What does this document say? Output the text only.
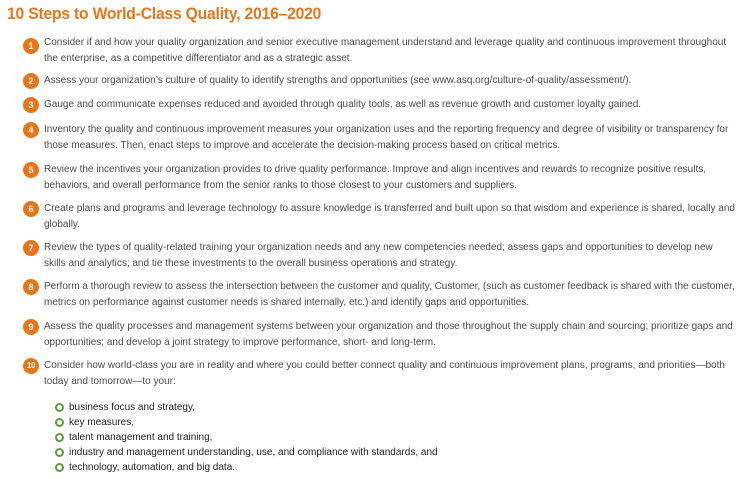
10 Steps to World-Class Quality, 2016–2020
1	Consider if and how your quality organization and senior executive management understand and leverage quality and continuous improvement throughout the enterprise, as a competitive differentiator and as a strategic asset.

2	Assess your organization’s culture of quality to identify strengths and opportunities (see www.asq.org/culture-of-quality/assessment/).

3	Gauge and communicate expenses reduced and avoided through quality tools, as well as revenue growth and customer loyalty gained.

4	Inventory the quality and continuous improvement measures your organization uses and the reporting frequency and degree of visibility or transparency for those measures. Then, enact steps to improve and accelerate the decision-making process based on critical metrics.

5	Review the incentives your organization provides to drive quality performance. Improve and align incentives and rewards to recognize positive results, behaviors, and overall performance from the senior ranks to those closest to your customers and suppliers.

6	Create plans and programs and leverage technology to assure knowledge is transferred and built upon so that wisdom and experience is shared, locally and globally.

7	Review the types of quality-related training your organization needs and any new competencies needed; assess gaps and opportunities to develop new skills and analytics; and tie these investments to the overall business operations and strategy.

8	Perform a thorough review to assess the intersection between the customer and quality, Customer, (such as customer feedback is shared with the customer, metrics on performance against customer needs is shared internally, etc.) and identify gaps and opportunities.

9	Assess the quality processes and management systems between your organization and those throughout the supply chain and sourcing; prioritize gaps and opportunities; and develop a joint strategy to improve performance, short- and long-term.

10 Consider how world-class you are in reality and where you could better connect quality and continuous improvement plans, programs, and priorities—both today and tomorrow—to your:

business focus and strategy,
key measures,
talent management and training,
industry and management understanding, use, and compliance with standards, and
technology, automation, and big data.
